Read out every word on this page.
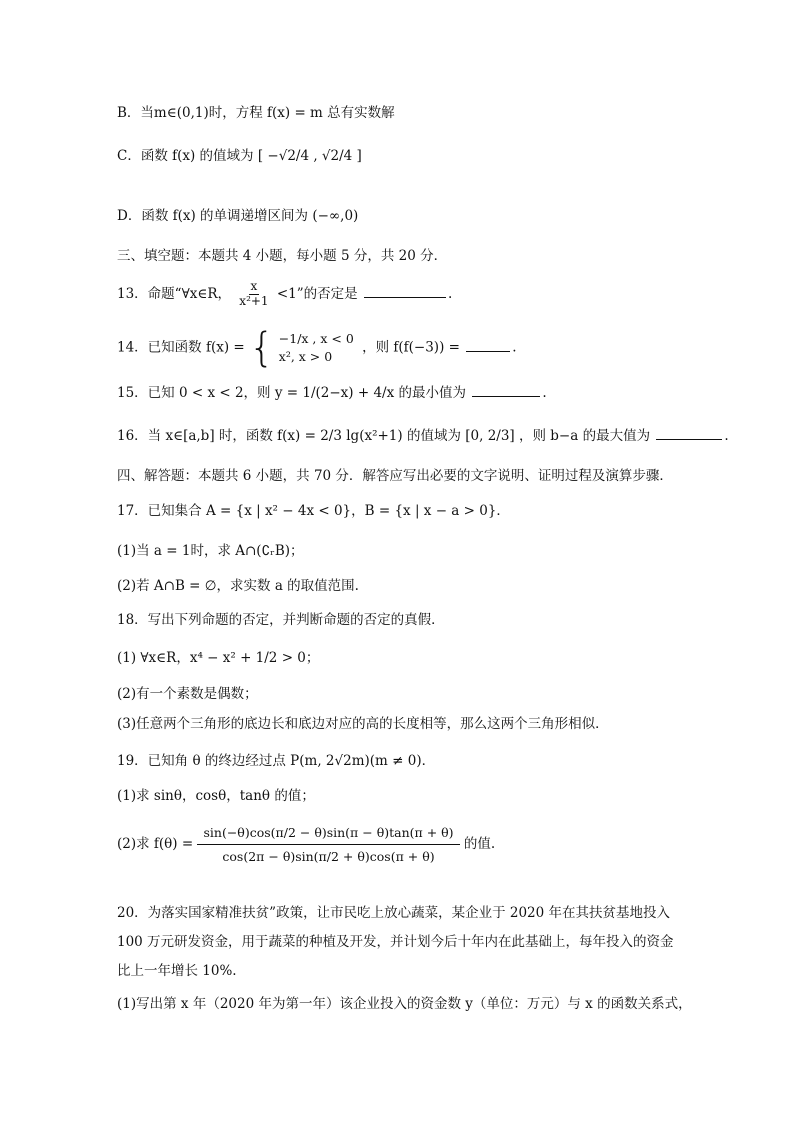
B．当m∈(0,1)时，方程 f(x) = m 总有实数解
C．函数 f(x) 的值域为 [ −√2/4 , √2/4 ]
D．函数 f(x) 的单调递增区间为 (−∞,0)
三、填空题：本题共 4 小题，每小题 5 分，共 20 分．
13．命题“∀x∈R， $\frac{x}{\text{x²+1}} <1$”的否定是	.
14．已知函数 f(x) = { −1/x , x < 0
x², x > 0
，则 f(f(−3)) =	.
15．已知 0 < x < 2，则 y = 1/(2−x) + 4/x 的最小值为	.
16．当 x∈[a,b] 时，函数 f(x) = 2/3 lg(x²+1) 的值域为 [0, 2/3] ，则 b−a 的最大值为	.
四、解答题：本题共 6 小题，共 70 分．解答应写出必要的文字说明、证明过程及演算步骤．
17．已知集合 A = {x | x² − 4x < 0}，B = {x | x − a > 0}．
(1)当 a = 1时，求 A∩(∁ᵣB)；
(2)若 A∩B = ∅，求实数 a 的取值范围.
18．写出下列命题的否定，并判断命题的否定的真假．
(1) ∀x∈R，x⁴ − x² + 1/2 > 0；
(2)有一个素数是偶数；
(3)任意两个三角形的底边长和底边对应的高的长度相等，那么这两个三角形相似．
19．已知角 θ 的终边经过点 P(m, 2√2m)(m ≠ 0)．
(1)求 sinθ，cosθ，tanθ 的值；
(2)求 $f(\theta) = \frac{\sin(-\theta)\cos(\pi/2 - \theta)\sin(\pi - \theta)\tan(\pi + \theta)}{\cos(2\pi - \theta)\sin(\pi/2 + \theta)\cos(\pi + \theta)}$ 的值.
20．为落实国家精准扶贫”政策，让市民吃上放心蔬菜，某企业于 2020 年在其扶贫基地投入 100 万元研发资金，用于蔬菜的种植及开发，并计划今后十年内在此基础上，每年投入的资金比上一年增长 10%.
(1)写出第 x 年（2020 年为第一年）该企业投入的资金数 y（单位：万元）与 x 的函数关系式，
